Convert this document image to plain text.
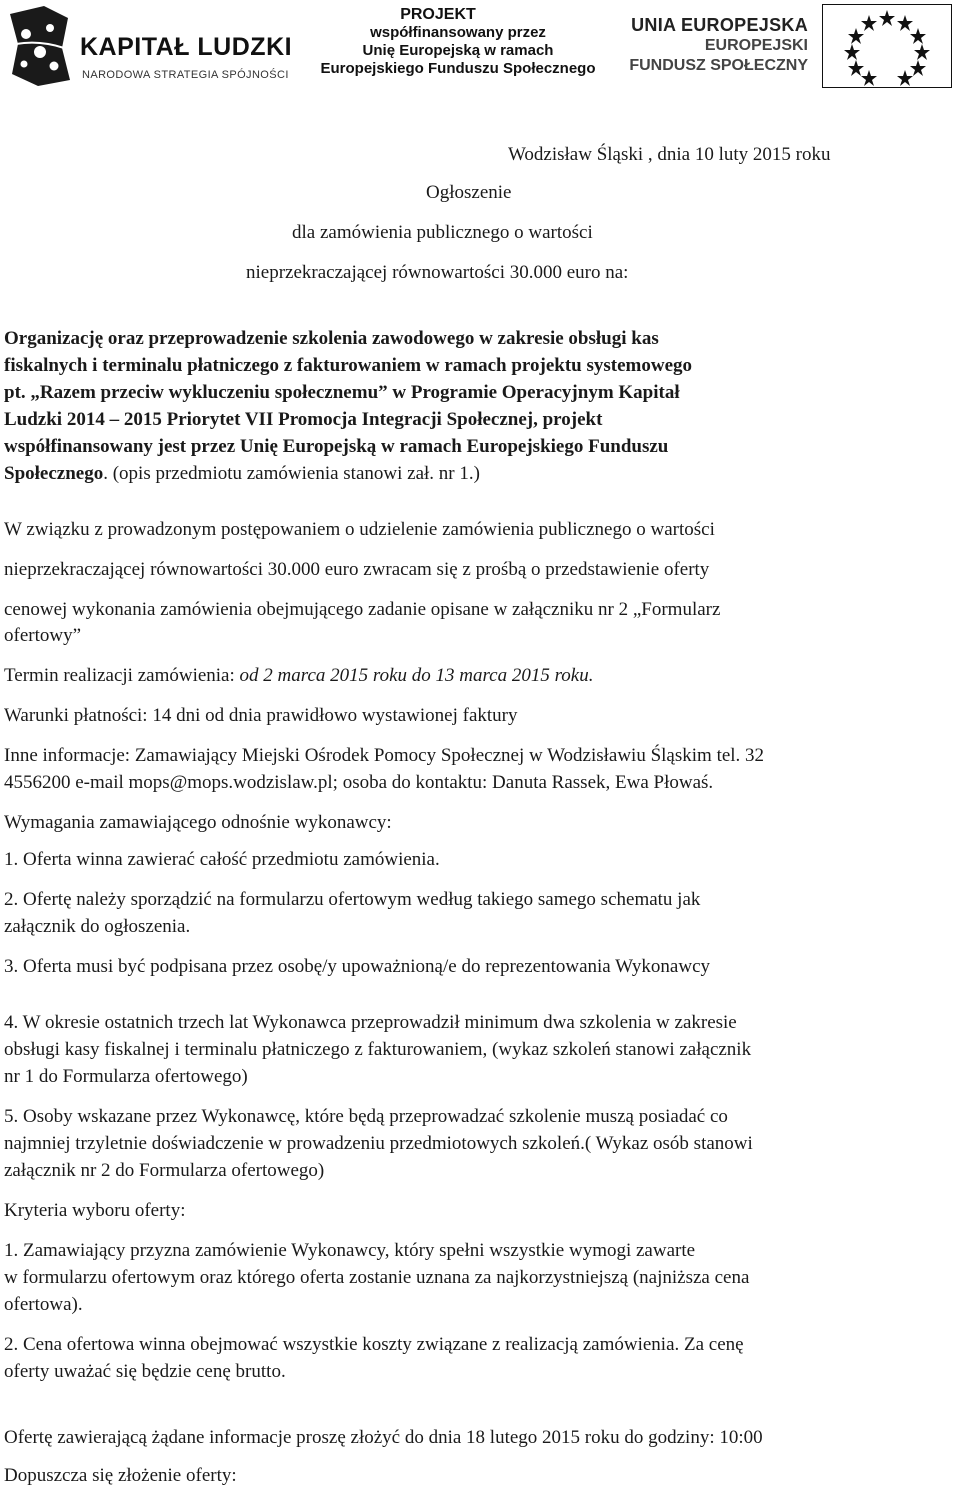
KAPITAŁ LUDZKI
NARODOWA STRATEGIA SPÓJNOŚCI
PROJEKT
współfinansowany przez
Unię Europejską w ramach
Europejskiego Funduszu Społecznego
UNIA EUROPEJSKA
EUROPEJSKI
FUNDUSZ SPOŁECZNY
Wodzisław Śląski , dnia 10 luty 2015 roku
Ogłoszenie
dla zamówienia publicznego o wartości
nieprzekraczającej równowartości 30.000 euro na:
Organizację oraz przeprowadzenie szkolenia zawodowego w zakresie obsługi kas
fiskalnych i terminalu płatniczego z fakturowaniem w ramach projektu systemowego
pt. „Razem przeciw wykluczeniu społecznemu” w Programie Operacyjnym Kapitał
Ludzki 2014 – 2015 Priorytet VII Promocja Integracji Społecznej, projekt
współfinansowany jest przez Unię Europejską w ramach Europejskiego Funduszu
Społecznego. (opis przedmiotu zamówienia stanowi zał. nr 1.)
W związku z prowadzonym postępowaniem o udzielenie zamówienia publicznego o wartości
nieprzekraczającej równowartości 30.000 euro zwracam się z prośbą o przedstawienie oferty
cenowej wykonania zamówienia obejmującego zadanie opisane w załączniku nr 2 „Formularz
ofertowy”
Termin realizacji zamówienia: od 2 marca 2015 roku do 13 marca 2015 roku.
Warunki płatności: 14 dni od dnia prawidłowo wystawionej faktury
Inne informacje: Zamawiający Miejski Ośrodek Pomocy Społecznej w Wodzisławiu Śląskim tel. 32
4556200 e-mail mops@mops.wodzislaw.pl; osoba do kontaktu: Danuta Rassek, Ewa Płowaś.
Wymagania zamawiającego odnośnie wykonawcy:
1. Oferta winna zawierać całość przedmiotu zamówienia.
2. Ofertę należy sporządzić na formularzu ofertowym według takiego samego schematu jak
załącznik do ogłoszenia.
3. Oferta musi być podpisana przez osobę/y upoważnioną/e do reprezentowania Wykonawcy
4. W okresie ostatnich trzech lat Wykonawca przeprowadził minimum dwa szkolenia w zakresie
obsługi kasy fiskalnej i terminalu płatniczego z fakturowaniem, (wykaz szkoleń stanowi załącznik
nr 1 do Formularza ofertowego)
5. Osoby wskazane przez Wykonawcę, które będą przeprowadzać szkolenie muszą posiadać co
najmniej trzyletnie doświadczenie w prowadzeniu przedmiotowych szkoleń.( Wykaz osób stanowi
załącznik nr 2 do Formularza ofertowego)
Kryteria wyboru oferty:
1. Zamawiający przyzna zamówienie Wykonawcy, który spełni wszystkie wymogi zawarte
w formularzu ofertowym oraz którego oferta zostanie uznana za najkorzystniejszą (najniższa cena
ofertowa).
2. Cena ofertowa winna obejmować wszystkie koszty związane z realizacją zamówienia. Za cenę
oferty uważać się będzie cenę brutto.
Ofertę zawierającą żądane informacje proszę złożyć do dnia 18 lutego 2015 roku do godziny: 10:00
Dopuszcza się złożenie oferty:
